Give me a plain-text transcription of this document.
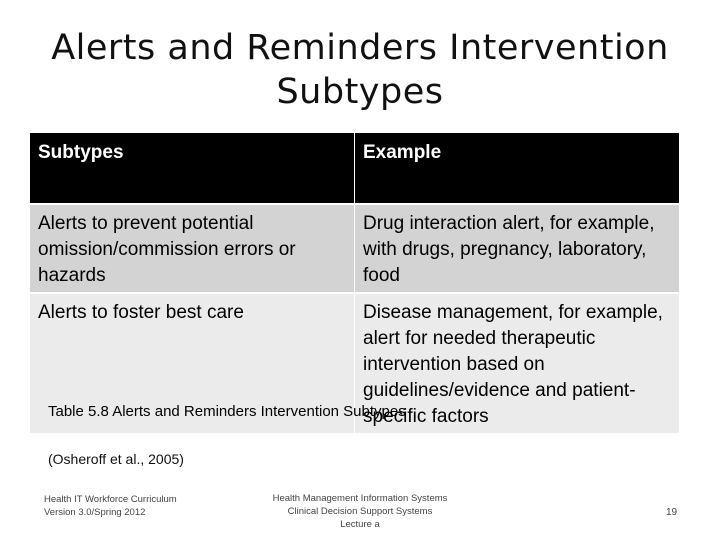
Alerts and Reminders Intervention
Subtypes
Subtypes	Example
Alerts to prevent potential omission/commission errors or hazards
Drug interaction alert, for example, with drugs, pregnancy, laboratory, food
Alerts to foster best care	Disease management, for example, alert for needed therapeutic intervention based on guidelines/evidence and patient-specific factors
Table 5.8 Alerts and Reminders Intervention Subtypes
(Osheroff et al., 2005)
Health IT Workforce Curriculum
Version 3.0/Spring 2012
Health Management Information Systems
Clinical Decision Support Systems
Lecture a
19
